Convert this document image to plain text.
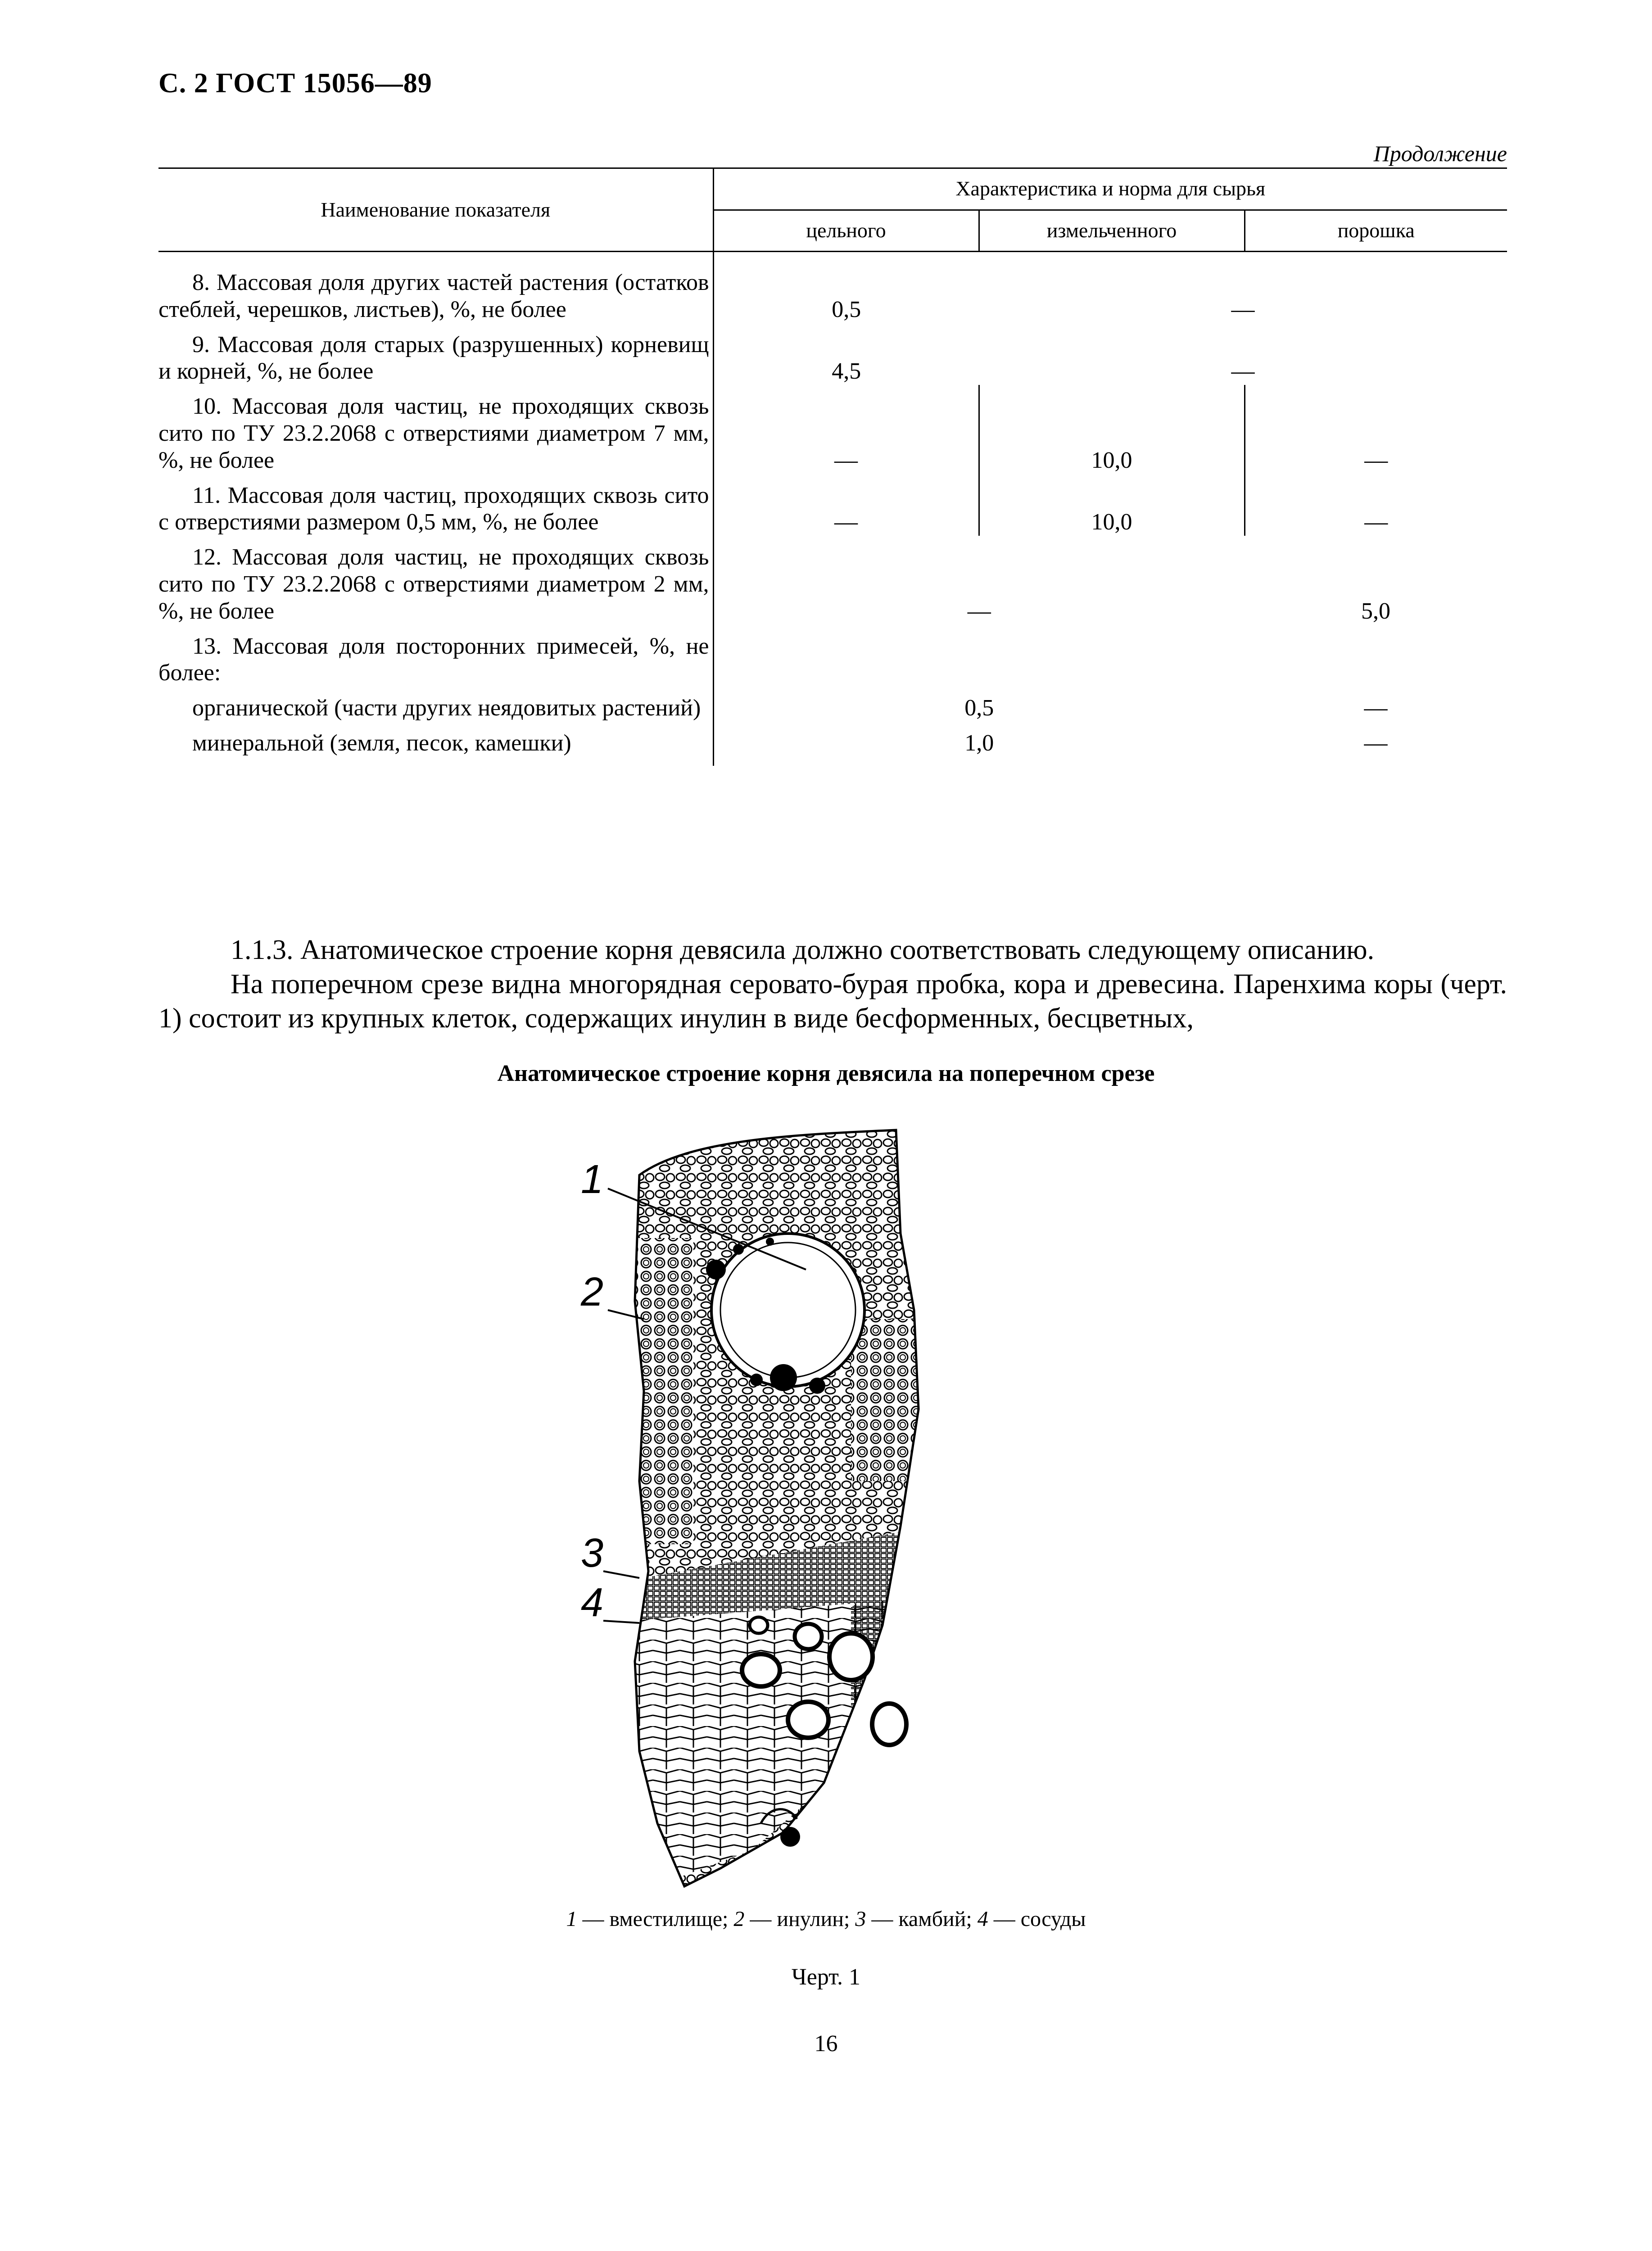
С. 2 ГОСТ 15056—89
Продолжение
Наименование показателя	Характеристика и норма для сырья		
	цельного	измельченного	порошка
8. Массовая доля других частей растения (остатков стеблей, черешков, листьев), %, не более	0,5	—	
9. Массовая доля старых (разрушенных) корневищ и корней, %, не более	4,5	—	
10. Массовая доля частиц, не проходящих сквозь сито по ТУ 23.2.2068 с отверстиями диаметром 7 мм, %, не более	—	10,0	—
11. Массовая доля частиц, проходящих сквозь сито с отверстиями размером 0,5 мм, %, не более	—	10,0	—
12. Массовая доля частиц, не проходящих сквозь сито по ТУ 23.2.2068 с отверстиями диаметром 2 мм, %, не более	—		5,0
13. Массовая доля посторонних примесей, %, не более:			
органической (части других неядовитых растений)	0,5		—
минеральной (земля, песок, камешки)	1,0		—

1.1.3. Анатомическое строение корня девясила должно соответствовать следующему описанию.

На поперечном срезе видна многорядная серовато-бурая пробка, кора и древесина. Паренхима коры (черт. 1) состоит из крупных клеток, содержащих инулин в виде бесформенных, бесцветных,

Анатомическое строение корня девясила на поперечном срезе
1
2
3
4
1 — вместилище; 2 — инулин; 3 — камбий; 4 — сосуды
Черт. 1
16
